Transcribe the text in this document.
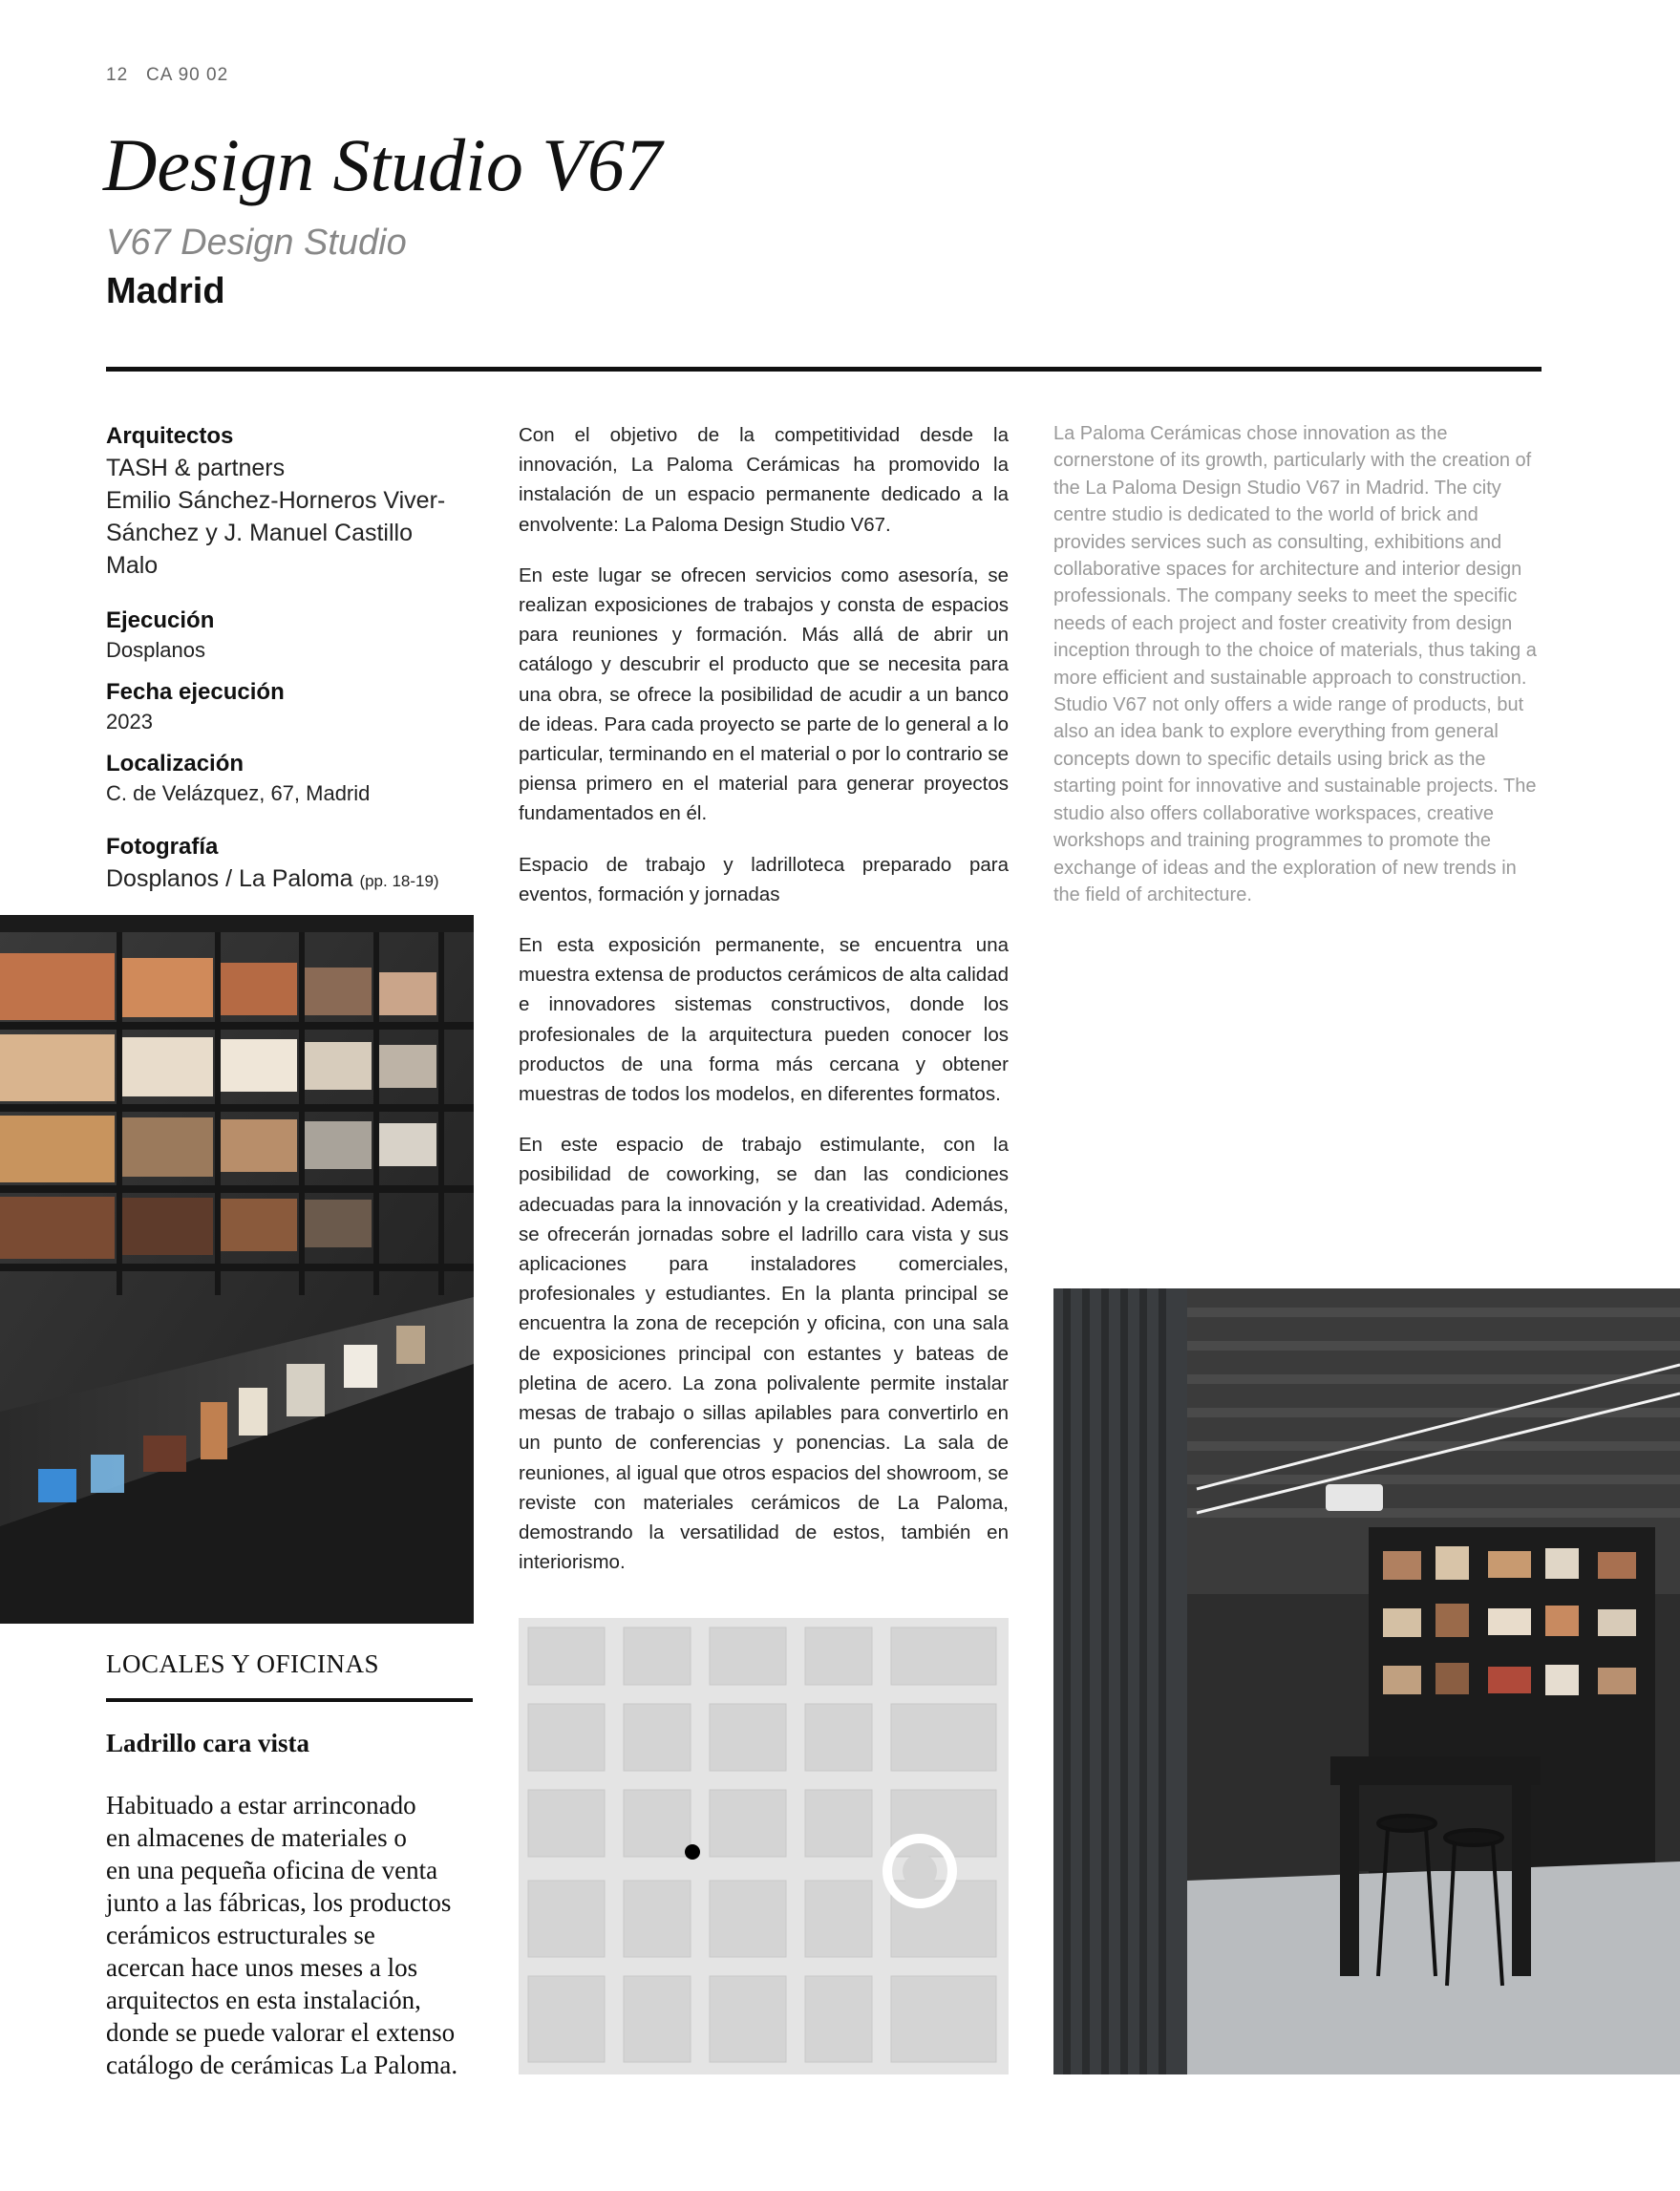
12 CA 90 02
Design Studio V67
V67 Design Studio
Madrid
Arquitectos

TASH & partners

Emilio Sánchez-Horneros Viver-

Sánchez y J. Manuel Castillo

Malo

Ejecución

Dosplanos

Fecha ejecución

2023

Localización

C. de Velázquez, 67, Madrid

Fotografía

Dosplanos / La Paloma (pp. 18-19)

Con el objetivo de la competitividad desde la innovación, La Paloma Cerámicas ha promovido la instalación de un espacio permanente dedicado a la envolvente: La Paloma Design Studio V67.

En este lugar se ofrecen servicios como asesoría, se realizan exposiciones de trabajos y consta de espacios para reuniones y formación. Más allá de abrir un catálogo y descubrir el producto que se necesita para una obra, se ofrece la posibilidad de acudir a un banco de ideas. Para cada proyecto se parte de lo general a lo particular, terminando en el material o por lo contrario se piensa primero en el material para generar proyectos fundamentados en él.

Espacio de trabajo y ladrilloteca preparado para eventos, formación y jornadas

En esta exposición permanente, se encuentra una muestra extensa de productos cerámicos de alta calidad e innovadores sistemas constructivos, donde los profesionales de la arquitectura pueden conocer los productos de una forma más cercana y obtener muestras de todos los modelos, en diferentes formatos.

En este espacio de trabajo estimulante, con la posibilidad de coworking, se dan las condiciones adecuadas para la innovación y la creatividad. Además, se ofrecerán jornadas sobre el ladrillo cara vista y sus aplicaciones para instaladores comerciales, profesionales y estudiantes. En la planta principal se encuentra la zona de recepción y oficina, con una sala de exposiciones principal con estantes y bateas de pletina de acero. La zona polivalente permite instalar mesas de trabajo o sillas apilables para convertirlo en un punto de conferencias y ponencias. La sala de reuniones, al igual que otros espacios del showroom, se reviste con materiales cerámicos de La Paloma, demostrando la versatilidad de estos, también en interiorismo.

La Paloma Cerámicas chose innovation as the cornerstone of its growth, particularly with the creation of the La Paloma Design Studio V67 in Madrid. The city centre studio is dedicated to the world of brick and provides services such as consulting, exhibitions and collaborative spaces for architecture and interior design professionals. The company seeks to meet the specific needs of each project and foster creativity from design inception through to the choice of materials, thus taking a more efficient and sustainable approach to construction. Studio V67 not only offers a wide range of products, but also an idea bank to explore everything from general concepts down to specific details using brick as the starting point for innovative and sustainable projects. The studio also offers collaborative workspaces, creative workshops and training programmes to promote the exchange of ideas and the exploration of new trends in the field of architecture.

LOCALES Y OFICINAS
Ladrillo cara vista
Habituado a estar arrinconado
en almacenes de materiales o
en una pequeña oficina de venta
junto a las fábricas, los productos
cerámicos estructurales se
acercan hace unos meses a los
arquitectos en esta instalación,
donde se puede valorar el extenso
catálogo de cerámicas La Paloma.
